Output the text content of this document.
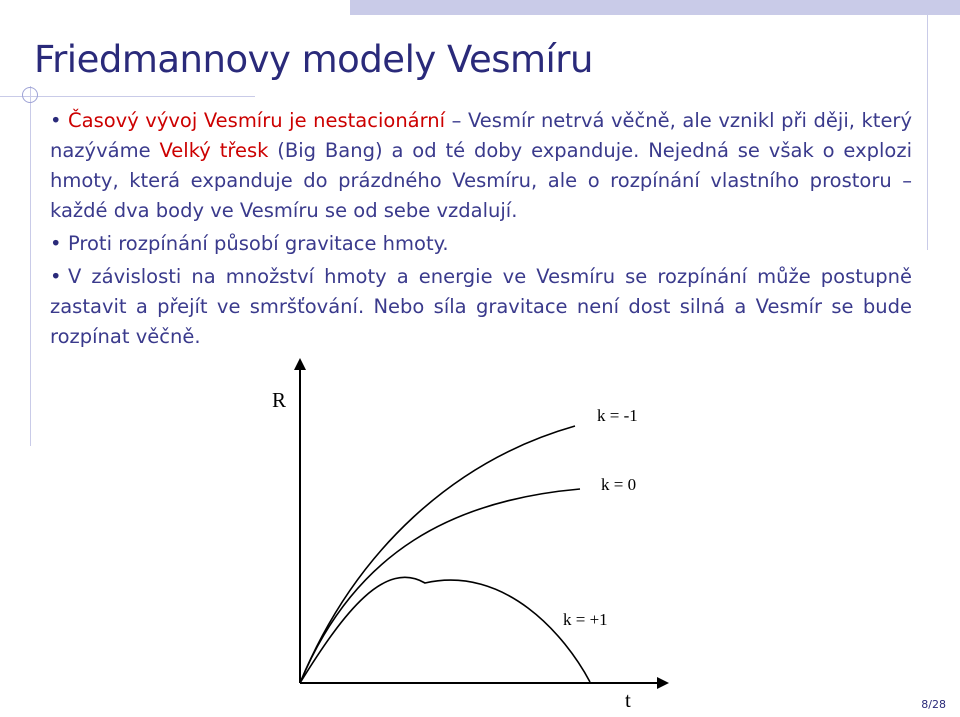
Friedmannovy modely Vesmíru

• Časový vývoj Vesmíru je nestacionární – Vesmír netrvá věčně, ale vznikl při ději, který nazýváme Velký třesk (Big Bang) a od té doby expanduje. Nejedná se však o explozi hmoty, která expanduje do prázdného Vesmíru, ale o rozpínání vlastního prostoru – každé dva body ve Vesmíru se od sebe vzdalují.

• Proti rozpínání působí gravitace hmoty.

• V závislosti na množství hmoty a energie ve Vesmíru se rozpínání může postupně zastavit a přejít ve smršťování. Nebo síla gravitace není dost silná a Vesmír se bude rozpínat věčně.

R
t
k = -1
k = 0
k = +1
8/28
